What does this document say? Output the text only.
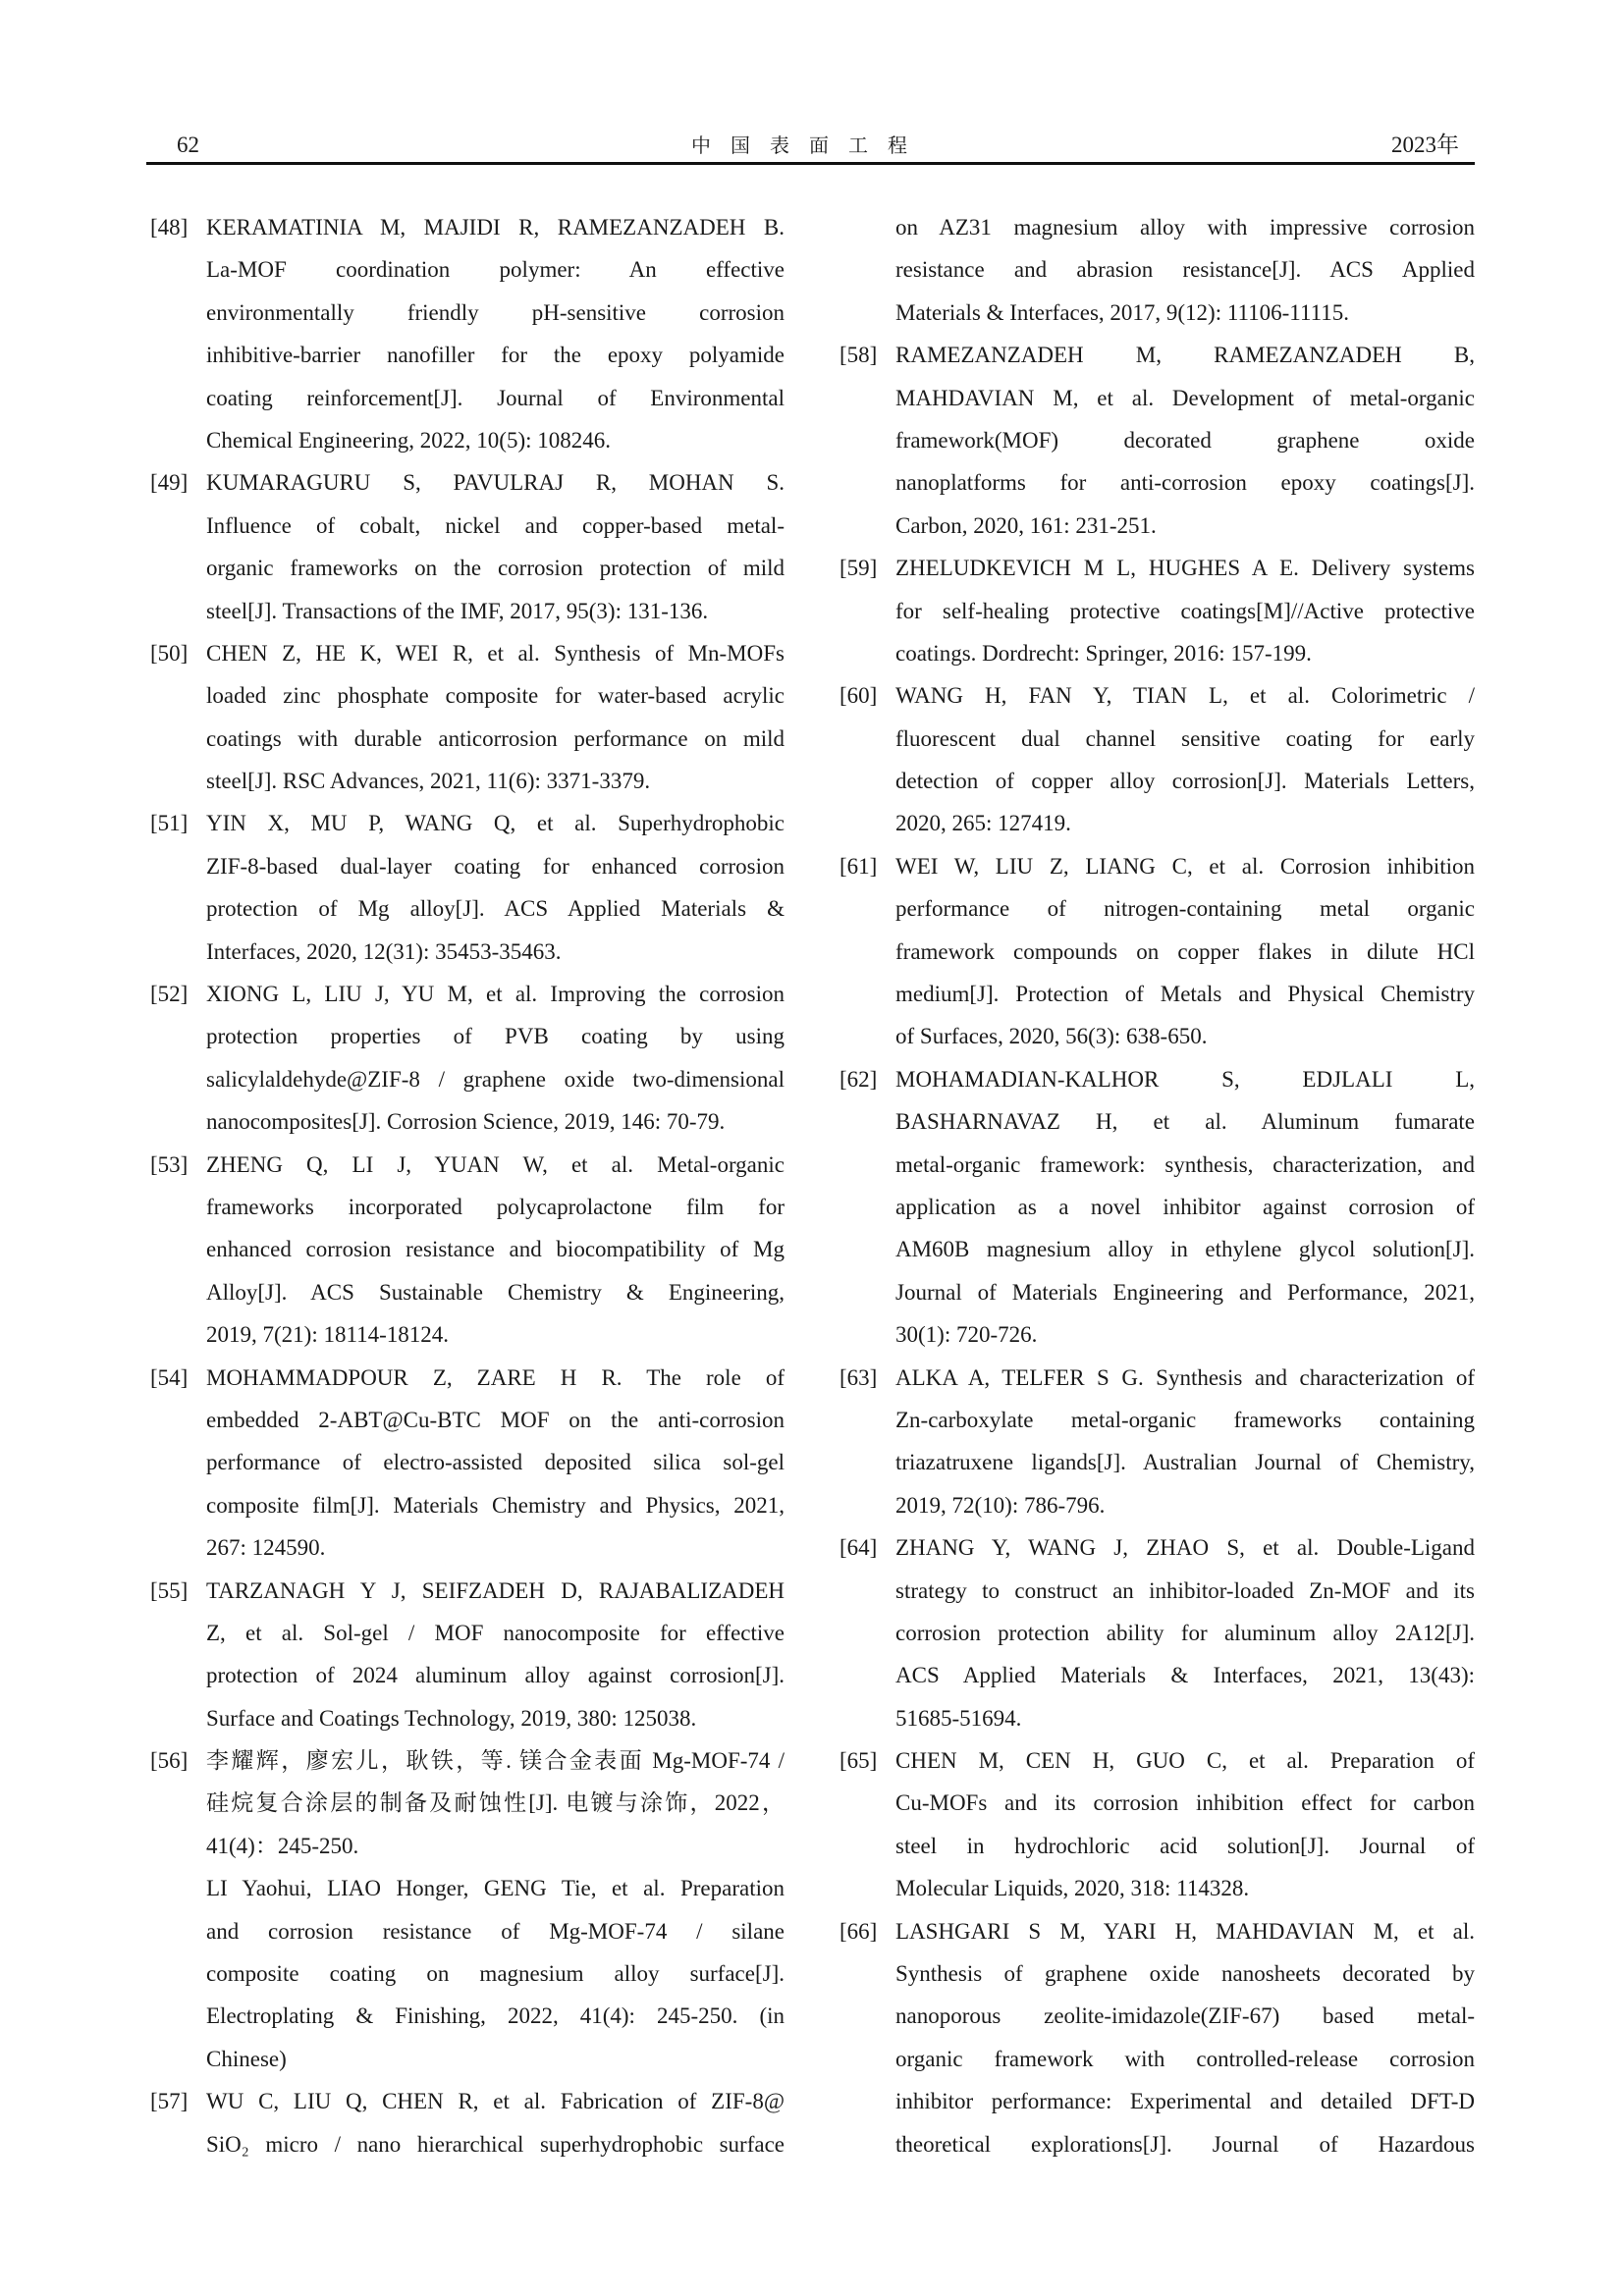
62	中国表面工程	2023年
[48] KERAMATINIA M, MAJIDI R, RAMEZANZADEH B.
La-MOF coordination polymer: An effective
environmentally friendly pH-sensitive corrosion
inhibitive-barrier nanofiller for the epoxy polyamide
coating reinforcement[J]. Journal of Environmental
Chemical Engineering, 2022, 10(5): 108246.
[49] KUMARAGURU S, PAVULRAJ R, MOHAN S.
Influence of cobalt, nickel and copper-based metal-
organic frameworks on the corrosion protection of mild
steel[J]. Transactions of the IMF, 2017, 95(3): 131-136.
[50] CHEN Z, HE K, WEI R, et al. Synthesis of Mn-MOFs
loaded zinc phosphate composite for water-based acrylic
coatings with durable anticorrosion performance on mild
steel[J]. RSC Advances, 2021, 11(6): 3371-3379.
[51] YIN X, MU P, WANG Q, et al. Superhydrophobic
ZIF-8-based dual-layer coating for enhanced corrosion
protection of Mg alloy[J]. ACS Applied Materials &
Interfaces, 2020, 12(31): 35453-35463.
[52] XIONG L, LIU J, YU M, et al. Improving the corrosion
protection properties of PVB coating by using
salicylaldehyde@ZIF-8 / graphene oxide two-dimensional
nanocomposites[J]. Corrosion Science, 2019, 146: 70-79.
[53] ZHENG Q, LI J, YUAN W, et al. Metal-organic
frameworks incorporated polycaprolactone film for
enhanced corrosion resistance and biocompatibility of Mg
Alloy[J]. ACS Sustainable Chemistry & Engineering,
2019, 7(21): 18114-18124.
[54] MOHAMMADPOUR Z, ZARE H R. The role of
embedded 2-ABT@Cu-BTC MOF on the anti-corrosion
performance of electro-assisted deposited silica sol-gel
composite film[J]. Materials Chemistry and Physics, 2021,
267: 124590.
[55] TARZANAGH Y J, SEIFZADEH D, RAJABALIZADEH
Z, et al. Sol-gel / MOF nanocomposite for effective
protection of 2024 aluminum alloy against corrosion[J].
Surface and Coatings Technology, 2019, 380: 125038.
[56] 李耀辉，廖宏儿，耿铁，等. 镁合金表面 Mg-MOF-74 /
硅烷复合涂层的制备及耐蚀性[J]. 电镀与涂饰，2022，
41(4)：245-250.
LI Yaohui, LIAO Honger, GENG Tie, et al. Preparation
and corrosion resistance of Mg-MOF-74 / silane
composite coating on magnesium alloy surface[J].
Electroplating & Finishing, 2022, 41(4): 245-250. (in
Chinese)
[57] WU C, LIU Q, CHEN R, et al. Fabrication of ZIF-8@
SiO₂ micro / nano hierarchical superhydrophobic surface
on AZ31 magnesium alloy with impressive corrosion
resistance and abrasion resistance[J]. ACS Applied
Materials & Interfaces, 2017, 9(12): 11106-11115.
[58] RAMEZANZADEH M, RAMEZANZADEH B,
MAHDAVIAN M, et al. Development of metal-organic
framework(MOF) decorated graphene oxide
nanoplatforms for anti-corrosion epoxy coatings[J].
Carbon, 2020, 161: 231-251.
[59] ZHELUDKEVICH M L, HUGHES A E. Delivery systems
for self-healing protective coatings[M]//Active protective
coatings. Dordrecht: Springer, 2016: 157-199.
[60] WANG H, FAN Y, TIAN L, et al. Colorimetric /
fluorescent dual channel sensitive coating for early
detection of copper alloy corrosion[J]. Materials Letters,
2020, 265: 127419.
[61] WEI W, LIU Z, LIANG C, et al. Corrosion inhibition
performance of nitrogen-containing metal organic
framework compounds on copper flakes in dilute HCl
medium[J]. Protection of Metals and Physical Chemistry
of Surfaces, 2020, 56(3): 638-650.
[62] MOHAMADIAN-KALHOR S, EDJLALI L,
BASHARNAVAZ H, et al. Aluminum fumarate
metal-organic framework: synthesis, characterization, and
application as a novel inhibitor against corrosion of
AM60B magnesium alloy in ethylene glycol solution[J].
Journal of Materials Engineering and Performance, 2021,
30(1): 720-726.
[63] ALKA A, TELFER S G. Synthesis and characterization of
Zn-carboxylate metal-organic frameworks containing
triazatruxene ligands[J]. Australian Journal of Chemistry,
2019, 72(10): 786-796.
[64] ZHANG Y, WANG J, ZHAO S, et al. Double-Ligand
strategy to construct an inhibitor-loaded Zn-MOF and its
corrosion protection ability for aluminum alloy 2A12[J].
ACS Applied Materials & Interfaces, 2021, 13(43):
51685-51694.
[65] CHEN M, CEN H, GUO C, et al. Preparation of
Cu-MOFs and its corrosion inhibition effect for carbon
steel in hydrochloric acid solution[J]. Journal of
Molecular Liquids, 2020, 318: 114328.
[66] LASHGARI S M, YARI H, MAHDAVIAN M, et al.
Synthesis of graphene oxide nanosheets decorated by
nanoporous zeolite-imidazole(ZIF-67) based metal-
organic framework with controlled-release corrosion
inhibitor performance: Experimental and detailed DFT-D
theoretical explorations[J]. Journal of Hazardous
